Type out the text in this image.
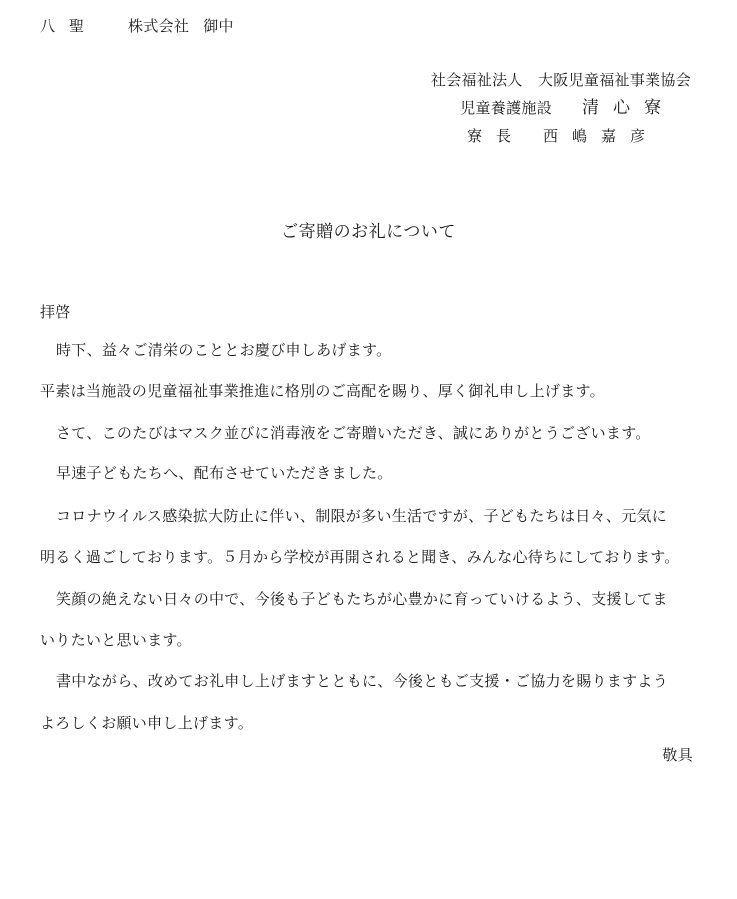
八聖 株式会社 御中
社会福祉法人　大阪児童福祉事業協会
児童養護施設 清心寮
寮長 西嶋嘉彦
ご寄贈のお礼について
拝啓
時下、益々ご清栄のこととお慶び申しあげます。
平素は当施設の児童福祉事業推進に格別のご高配を賜り、厚く御礼申し上げます。
さて、このたびはマスク並びに消毒液をご寄贈いただき、誠にありがとうございます。
早速子どもたちへ、配布させていただきました。
コロナウイルス感染拡大防止に伴い、制限が多い生活ですが、子どもたちは日々、元気に
明るく過ごしております。５月から学校が再開されると聞き、みんな心待ちにしております。
笑顔の絶えない日々の中で、今後も子どもたちが心豊かに育っていけるよう、支援してま
いりたいと思います。
書中ながら、改めてお礼申し上げますとともに、今後ともご支援・ご協力を賜りますよう
よろしくお願い申し上げます。
敬具
